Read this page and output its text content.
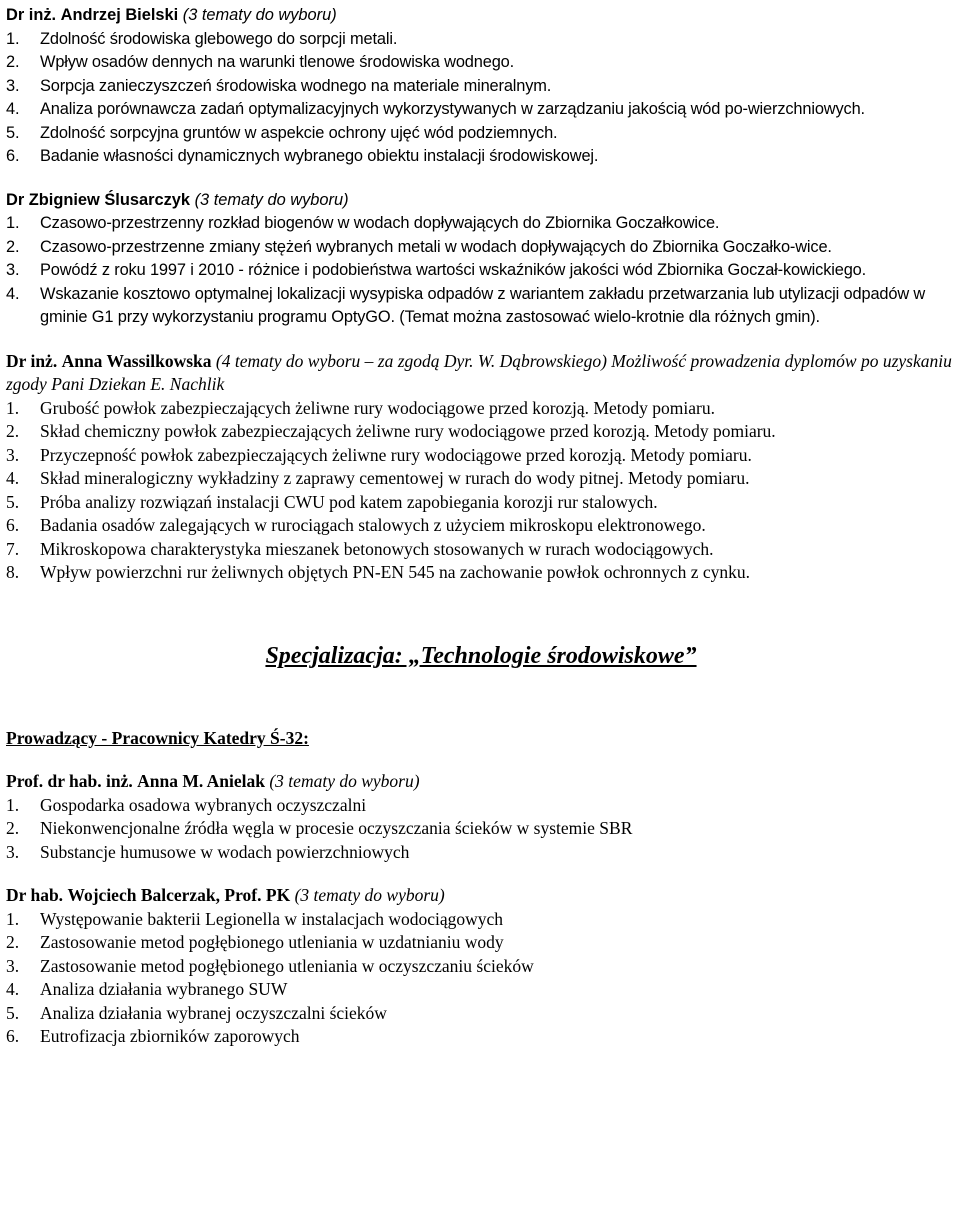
Dr inż. Andrzej Bielski (3 tematy do wyboru)
1. Zdolność środowiska glebowego do sorpcji metali.
2. Wpływ osadów dennych na warunki tlenowe środowiska wodnego.
3. Sorpcja zanieczyszczeń środowiska wodnego na materiale mineralnym.
4. Analiza porównawcza zadań optymalizacyjnych wykorzystywanych w zarządzaniu jakością wód po-wierzchniowych.
5. Zdolność sorpcyjna gruntów w aspekcie ochrony ujęć wód podziemnych.
6. Badanie własności dynamicznych wybranego obiektu instalacji środowiskowej.
Dr Zbigniew Ślusarczyk (3 tematy do wyboru)
1. Czasowo-przestrzenny rozkład biogenów w wodach dopływających do Zbiornika Goczałkowice.
2. Czasowo-przestrzenne zmiany stężeń wybranych metali w wodach dopływających do Zbiornika Goczałko-wice.
3. Powódź z roku 1997 i 2010 - różnice i podobieństwa wartości wskaźników jakości wód Zbiornika Goczał-kowickiego.
4. Wskazanie kosztowo optymalnej lokalizacji wysypiska odpadów z wariantem zakładu przetwarzania lub utylizacji odpadów w gminie G1 przy wykorzystaniu programu OptyGO. (Temat można zastosować wielo-krotnie dla różnych gmin).
Dr inż. Anna Wassilkowska (4 tematy do wyboru – za zgodą Dyr. W. Dąbrowskiego) Możliwość prowadzenia dyplomów po uzyskaniu zgody Pani Dziekan E. Nachlik
1. Grubość powłok zabezpieczających żeliwne rury wodociągowe przed korozją. Metody pomiaru.
2. Skład chemiczny powłok zabezpieczających żeliwne rury wodociągowe przed korozją. Metody pomiaru.
3. Przyczepność powłok zabezpieczających żeliwne rury wodociągowe przed korozją. Metody pomiaru.
4. Skład mineralogiczny wykładziny z zaprawy cementowej w rurach do wody pitnej. Metody pomiaru.
5. Próba analizy rozwiązań instalacji CWU pod katem zapobiegania korozji rur stalowych.
6. Badania osadów zalegających w rurociągach stalowych z użyciem mikroskopu elektronowego.
7. Mikroskopowa charakterystyka mieszanek betonowych stosowanych w rurach wodociągowych.
8. Wpływ powierzchni rur żeliwnych objętych PN-EN 545 na zachowanie powłok ochronnych z cynku.
Specjalizacja: „Technologie środowiskowe”
Prowadzący - Pracownicy Katedry Ś-32:
Prof. dr hab. inż. Anna M. Anielak (3 tematy do wyboru)
1. Gospodarka osadowa wybranych oczyszczalni
2. Niekonwencjonalne źródła węgla w procesie oczyszczania ścieków w systemie SBR
3. Substancje humusowe w wodach powierzchniowych
Dr hab. Wojciech Balcerzak, Prof. PK (3 tematy do wyboru)
1. Występowanie bakterii Legionella w instalacjach wodociągowych
2. Zastosowanie metod pogłębionego utleniania w uzdatnianiu wody
3. Zastosowanie metod pogłębionego utleniania w oczyszczaniu ścieków
4. Analiza działania wybranego SUW
5. Analiza działania wybranej oczyszczalni ścieków
6. Eutrofizacja zbiorników zaporowych
